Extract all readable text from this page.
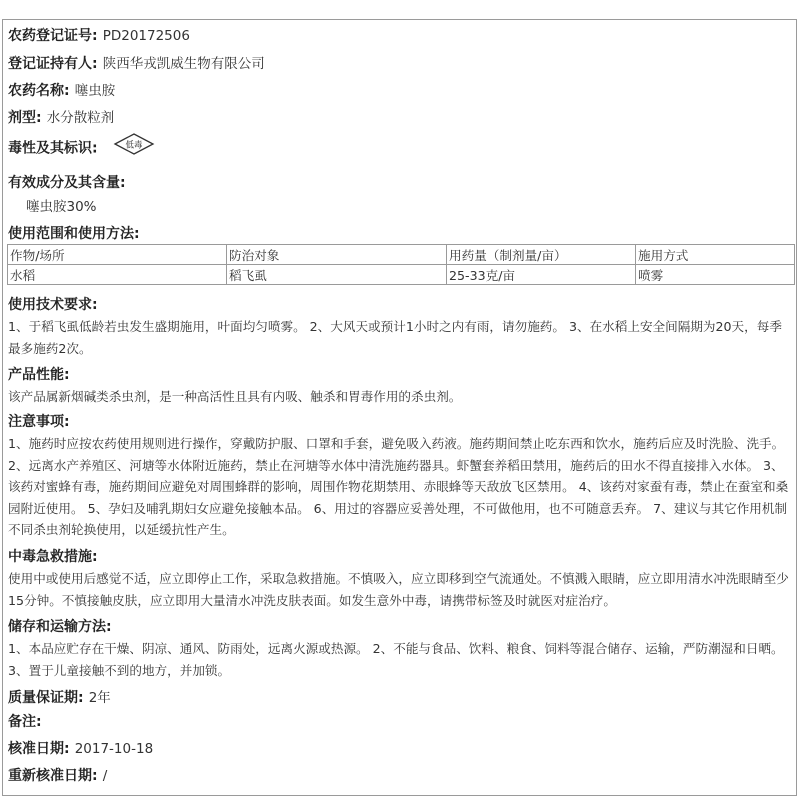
农药登记证号: PD20172506
登记证持有人: 陕西华戎凯威生物有限公司
农药名称: 噻虫胺
剂型: 水分散粒剂
毒性及其标识:	低毒
有效成分及其含量:
噻虫胺30%
使用范围和使用方法:
作物/场所	防治对象	用药量（制剂量/亩）	施用方式
水稻	稻飞虱	25-33克/亩	喷雾
使用技术要求:
1、于稻飞虱低龄若虫发生盛期施用，叶面均匀喷雾。 2、大风天或预计1小时之内有雨，请勿施药。 3、在水稻上安全间隔期为20天，每季最多施药2次。
产品性能:
该产品属新烟碱类杀虫剂，是一种高活性且具有内吸、触杀和胃毒作用的杀虫剂。
注意事项:
1、施药时应按农药使用规则进行操作，穿戴防护服、口罩和手套，避免吸入药液。施药期间禁止吃东西和饮水，施药后应及时洗脸、洗手。 2、远离水产养殖区、河塘等水体附近施药，禁止在河塘等水体中清洗施药器具。虾蟹套养稻田禁用，施药后的田水不得直接排入水体。 3、该药对蜜蜂有毒，施药期间应避免对周围蜂群的影响，周围作物花期禁用、赤眼蜂等天敌放飞区禁用。 4、该药对家蚕有毒，禁止在蚕室和桑园附近使用。 5、孕妇及哺乳期妇女应避免接触本品。 6、用过的容器应妥善处理，不可做他用，也不可随意丢弃。 7、建议与其它作用机制不同杀虫剂轮换使用，以延缓抗性产生。
中毒急救措施:
使用中或使用后感觉不适，应立即停止工作，采取急救措施。不慎吸入，应立即移到空气流通处。不慎溅入眼睛，应立即用清水冲洗眼睛至少15分钟。不慎接触皮肤，应立即用大量清水冲洗皮肤表面。如发生意外中毒，请携带标签及时就医对症治疗。
储存和运输方法:
1、本品应贮存在干燥、阴凉、通风、防雨处，远离火源或热源。 2、不能与食品、饮料、粮食、饲料等混合储存、运输，严防潮湿和日晒。 3、置于儿童接触不到的地方，并加锁。
质量保证期: 2年
备注:
核准日期: 2017-10-18
重新核准日期: /
